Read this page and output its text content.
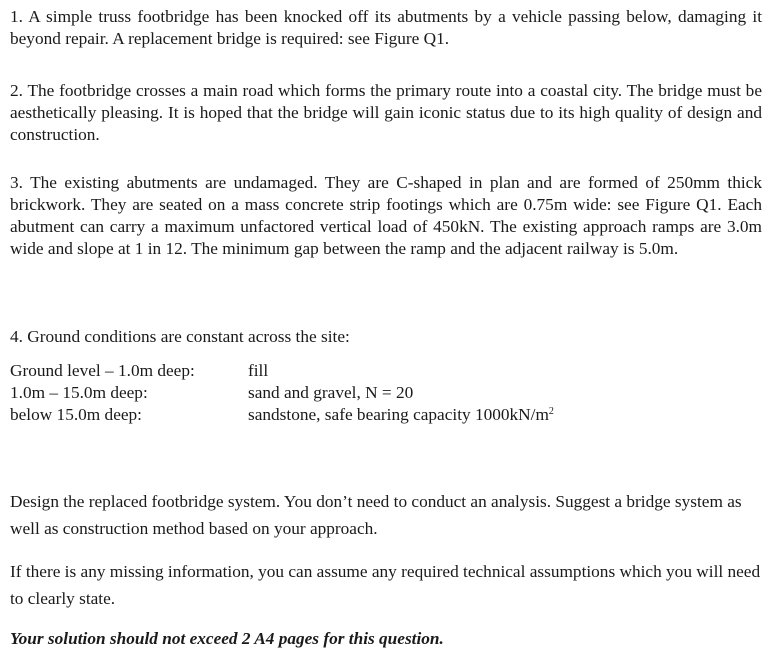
1. A simple truss footbridge has been knocked off its abutments by a vehicle passing below, damaging it beyond repair. A replacement bridge is required: see Figure Q1.

2. The footbridge crosses a main road which forms the primary route into a coastal city. The bridge must be aesthetically pleasing. It is hoped that the bridge will gain iconic status due to its high quality of design and construction.

3. The existing abutments are undamaged. They are C-shaped in plan and are formed of 250mm thick brickwork. They are seated on a mass concrete strip footings which are 0.75m wide: see Figure Q1. Each abutment can carry a maximum unfactored vertical load of 450kN. The existing approach ramps are 3.0m wide and slope at 1 in 12. The minimum gap between the ramp and the adjacent railway is 5.0m.

4. Ground conditions are constant across the site:

Ground level – 1.0m deep:	fill
1.0m – 15.0m deep:	sand and gravel, N = 20
below 15.0m deep:	sandstone, safe bearing capacity $1000kN/m^2$

Design the replaced footbridge system. You don’t need to conduct an analysis. Suggest a bridge system as well as construction method based on your approach.

If there is any missing information, you can assume any required technical assumptions which you will need to clearly state.

Your solution should not exceed 2 A4 pages for this question.
